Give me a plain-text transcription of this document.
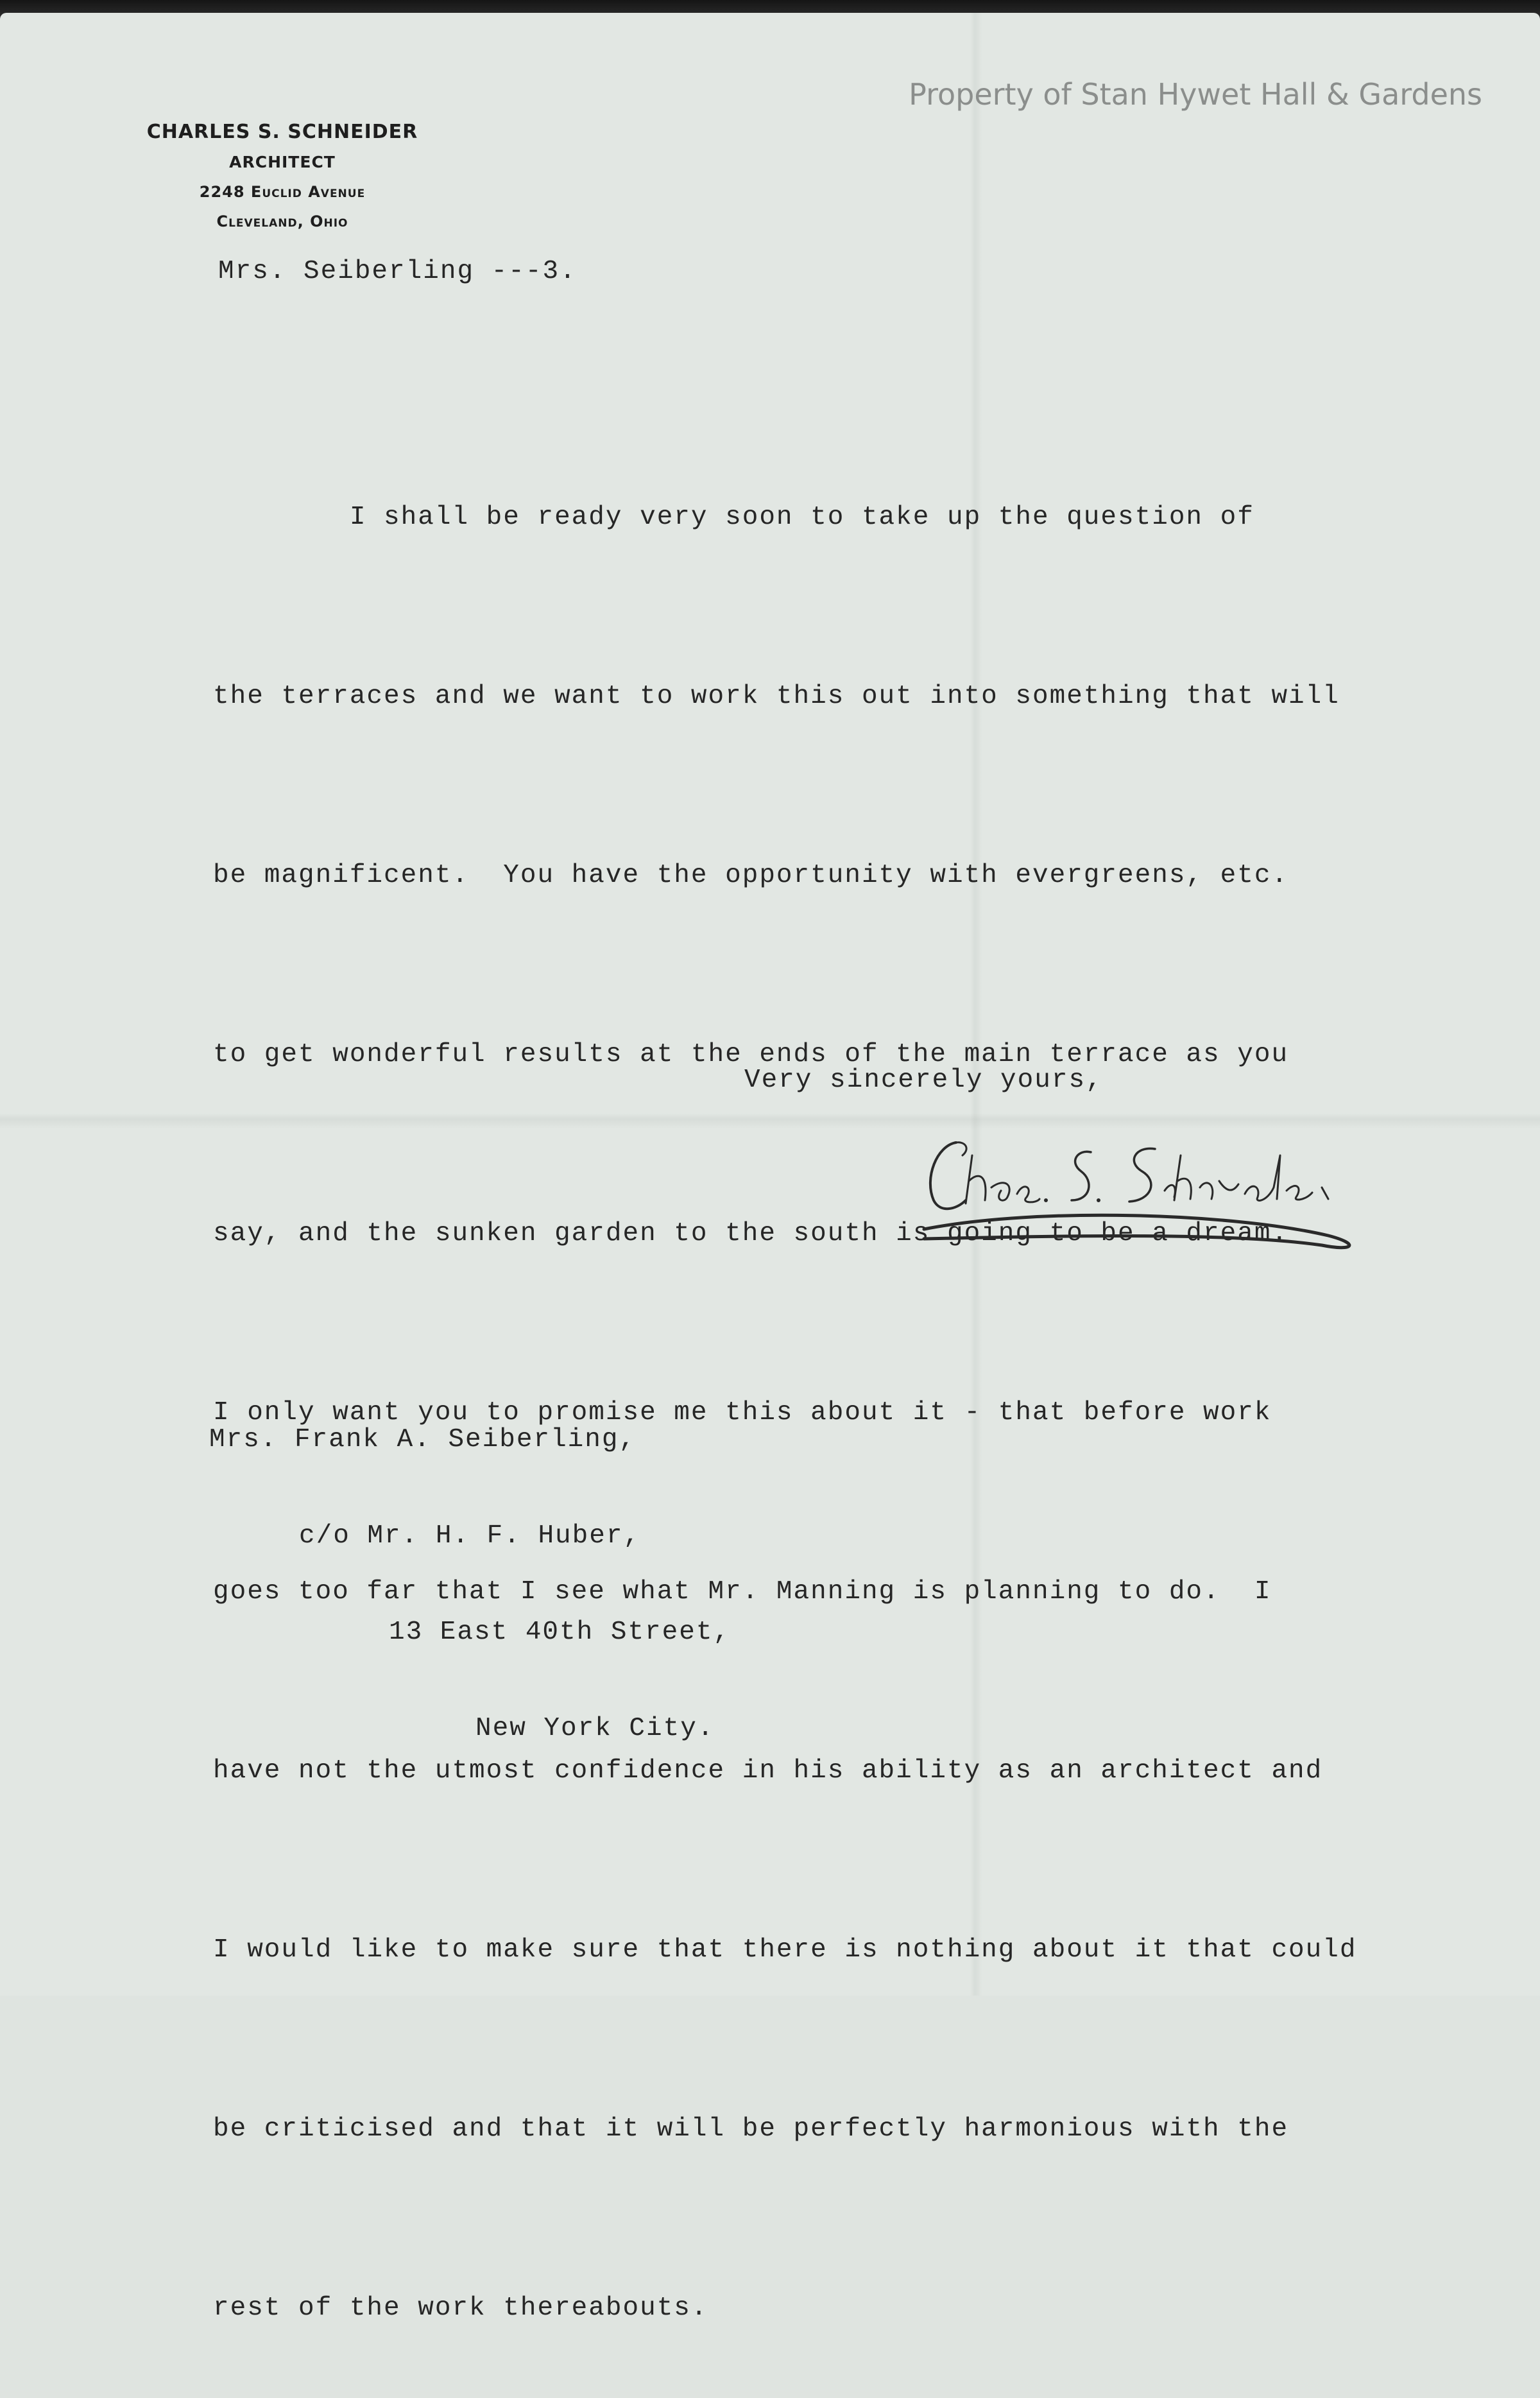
Property of Stan Hywet Hall & Gardens
CHARLES S. SCHNEIDER
ARCHITECT
2248 Euclid Avenue
Cleveland, Ohio
Mrs. Seiberling ---3.

I shall be ready very soon to take up the question of

the terraces and we want to work this out into something that will

be magnificent.  You have the opportunity with evergreens, etc.

to get wonderful results at the ends of the main terrace as you

say, and the sunken garden to the south is going to be a dream.

I only want you to promise me this about it - that before work

goes too far that I see what Mr. Manning is planning to do.  I

have not the utmost confidence in his ability as an architect and

I would like to make sure that there is nothing about it that could

be criticised and that it will be perfectly harmonious with the

rest of the work thereabouts.

Very sincerely yours,

Mrs. Frank A. Seiberling,

c/o Mr. H. F. Huber,

13 East 40th Street,

New York City.
